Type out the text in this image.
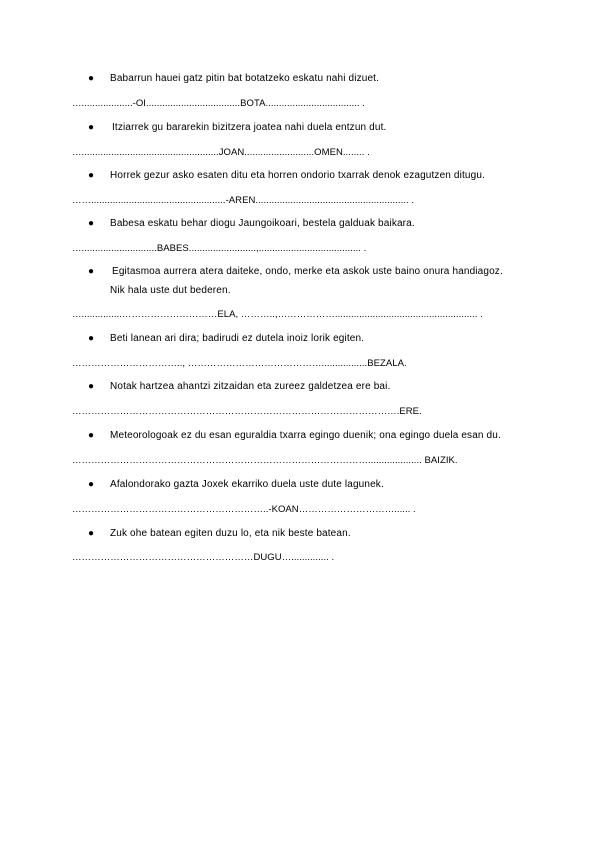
● Babarrun hauei gatz pitin bat botatzeko eskatu nahi dizuet.
…...................-OI...................................BOTA................................... .
● Itziarrek gu bararekin bizitzera joatea nahi duela entzun dut.
…...................................................JOAN..........................OMEN........ .
● Horrek gezur asko esaten ditu eta horren ondorio txarrak denok ezagutzen ditugu.
……..................................................-AREN......................................................... .
● Babesa eskatu behar diogu Jaungoikoari, bestela galduak baikara.
…............................BABES.........................,...................................... .
● Egitasmoa aurrera atera daiteke, ondo, merke eta askok uste baino onura handiagoz.
Nik hala uste dut bederen.
…...............…………………………ELA, ………..,………………..................................................... .
● Beti lanean ari dira; badirudi ez dutela inoiz lorik egiten.
…………………………….., …………………………………….................BEZALA.
● Notak hartzea ahantzi zitzaidan eta zureez galdetzea ere bai.
………………………………………………………………………………………….ERE.
● Meteorologoak ez du esan eguraldia txarra egingo duenik; ona egingo duela esan du.
………………………………………………………………………………….................... BAIZIK.
● Afalondorako gazta Joxek ekarriko duela uste dute lagunek.
……………………………………………………..-KOAN…………………………...... .
● Zuk ohe batean egiten duzu lo, eta nik beste batean.
…………………………………………………DUGU….............. .
